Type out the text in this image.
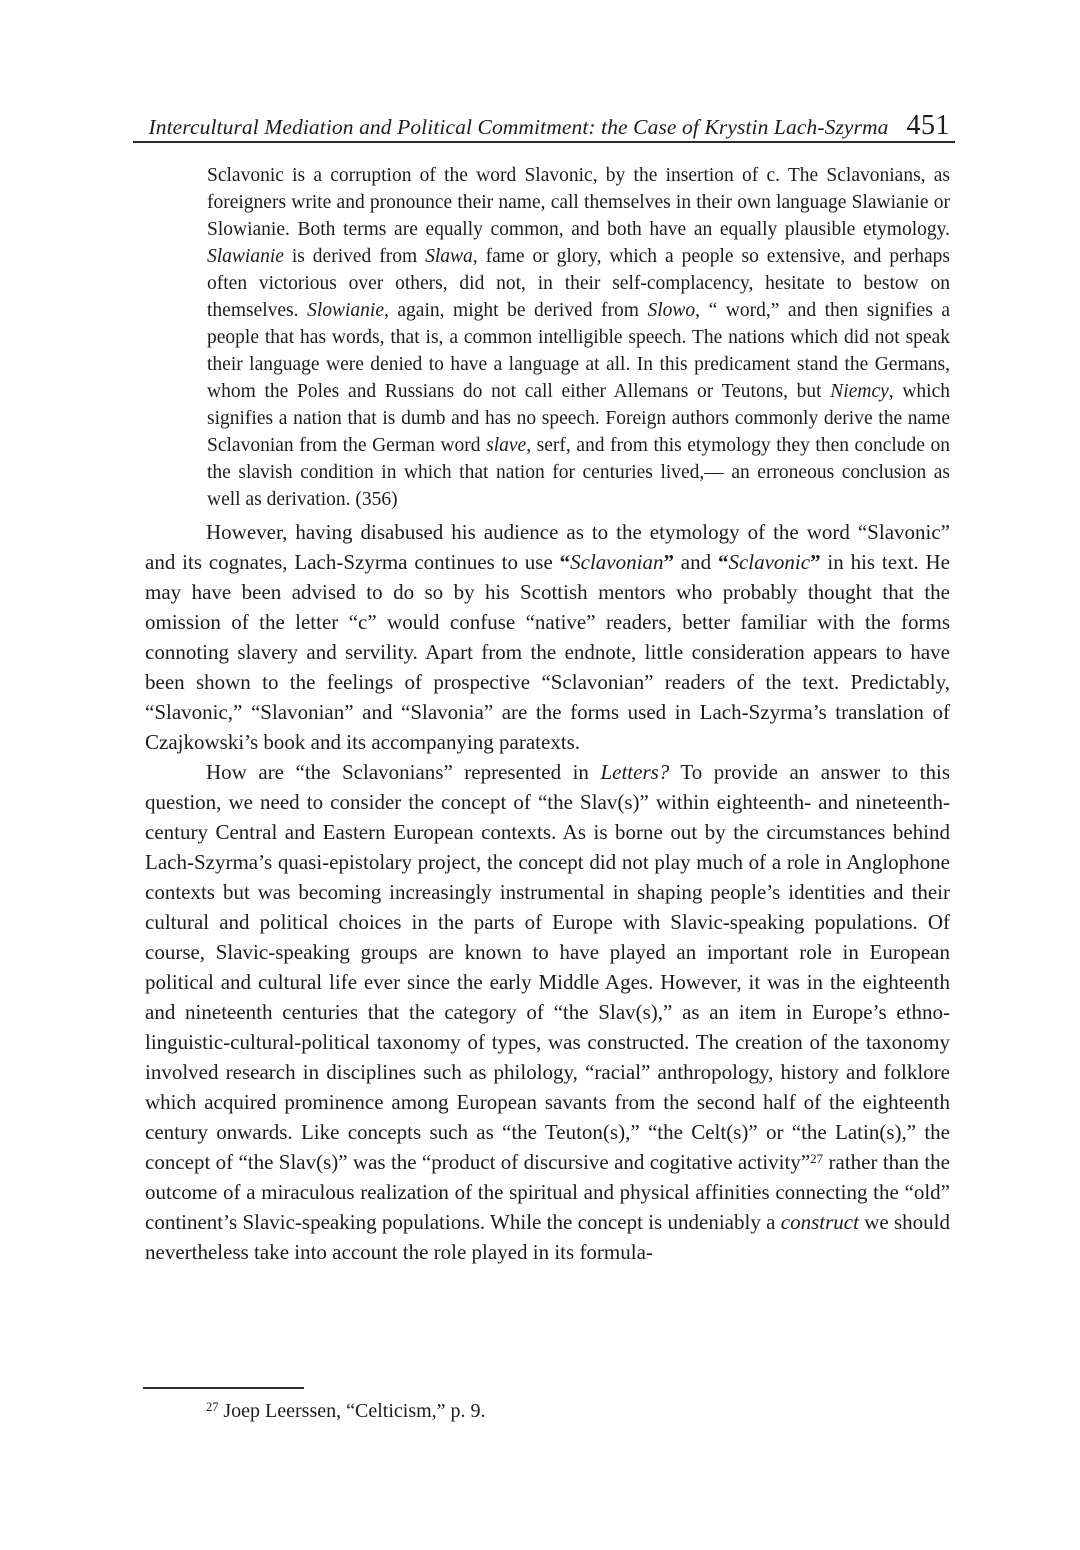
Intercultural Mediation and Political Commitment: the Case of Krystin Lach-Szyrma 451
Sclavonic is a corruption of the word Slavonic, by the insertion of c. The Sclavonians, as foreigners write and pronounce their name, call themselves in their own language Slawianie or Slowianie. Both terms are equally common, and both have an equally plausible etymology. Slawianie is derived from Slawa, fame or glory, which a people so extensive, and perhaps often victorious over others, did not, in their self-complacency, hesitate to bestow on themselves. Slowianie, again, might be derived from Slowo, “ word,” and then signifies a people that has words, that is, a common intelligible speech. The nations which did not speak their language were denied to have a language at all. In this predicament stand the Germans, whom the Poles and Russians do not call either Allemans or Teutons, but Niemcy, which signifies a nation that is dumb and has no speech. Foreign authors commonly derive the name Sclavonian from the German word slave, serf, and from this etymology they then conclude on the slavish condition in which that nation for centuries lived,— an erroneous conclusion as well as derivation. (356)

However, having disabused his audience as to the etymology of the word “Slavonic” and its cognates, Lach-Szyrma continues to use “Sclavonian” and “Sclavonic” in his text. He may have been advised to do so by his Scottish mentors who probably thought that the omission of the letter “c” would confuse “native” readers, better familiar with the forms connoting slavery and servility. Apart from the endnote, little consideration appears to have been shown to the feelings of prospective “Sclavonian” readers of the text. Predictably, “Slavonic,” “Slavonian” and “Slavonia” are the forms used in Lach-Szyrma’s translation of Czajkowski’s book and its accompanying paratexts.

How are “the Sclavonians” represented in Letters? To provide an answer to this question, we need to consider the concept of “the Slav(s)” within eighteenth- and nineteenth-century Central and Eastern European contexts. As is borne out by the circumstances behind Lach-Szyrma’s quasi-epistolary project, the concept did not play much of a role in Anglophone contexts but was becoming increasingly instrumental in shaping people’s identities and their cultural and political choices in the parts of Europe with Slavic-speaking populations. Of course, Slavic-speaking groups are known to have played an important role in European political and cultural life ever since the early Middle Ages. However, it was in the eighteenth and nineteenth centuries that the category of “the Slav(s),” as an item in Europe’s ethno-linguistic-cultural-political taxonomy of types, was constructed. The creation of the taxonomy involved research in disciplines such as philology, “racial” anthropology, history and folklore which acquired prominence among European savants from the second half of the eighteenth century onwards. Like concepts such as “the Teuton(s),” “the Celt(s)” or “the Latin(s),” the concept of “the Slav(s)” was the “product of discursive and cogitative activity”$^{27}$ rather than the outcome of a miraculous realization of the spiritual and physical affinities connecting the “old” continent’s Slavic-speaking populations. While the concept is undeniably a construct we should nevertheless take into account the role played in its formula-

$^{27}$ Joep Leerssen, “Celticism,” p. 9.
